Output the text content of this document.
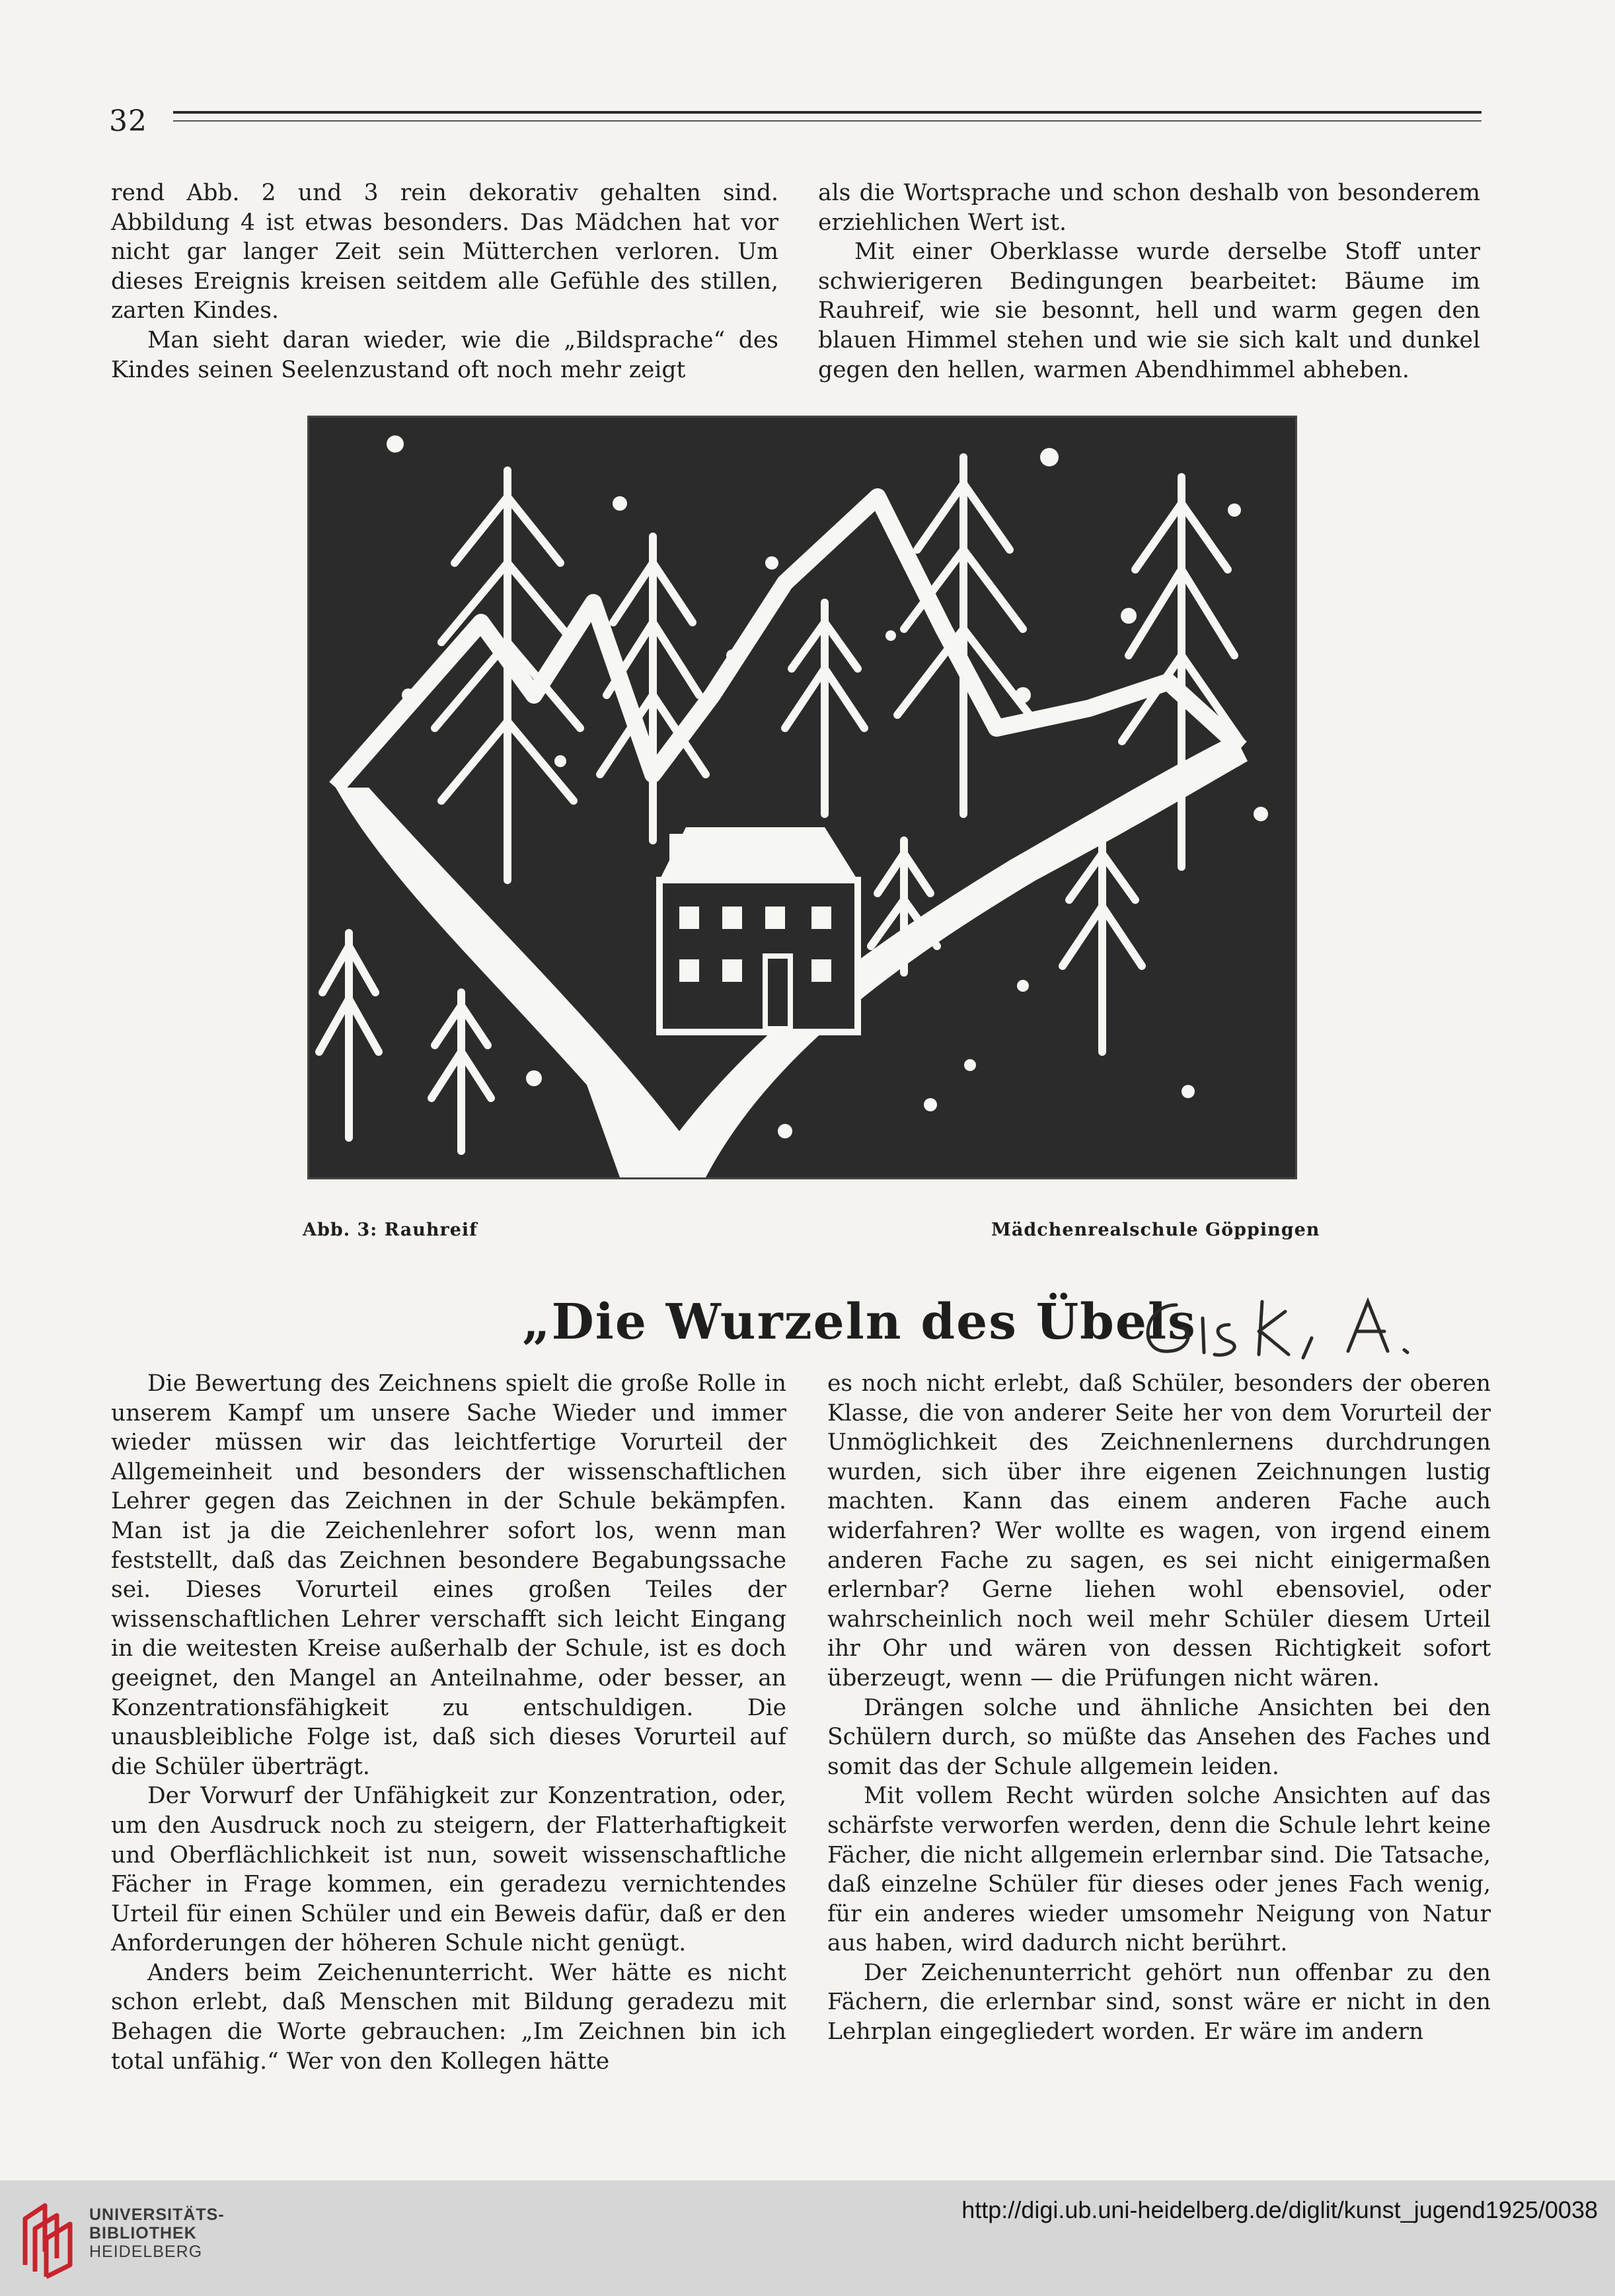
32

rend Abb. 2 und 3 rein dekorativ gehalten sind. Abbildung 4 ist etwas besonders. Das Mädchen hat vor nicht gar langer Zeit sein Mütterchen verloren. Um dieses Ereignis kreisen seitdem alle Gefühle des stillen, zarten Kindes.

Man sieht daran wieder, wie die „Bildsprache“ des Kindes seinen Seelenzustand oft noch mehr zeigt

als die Wortsprache und schon deshalb von besonderem erziehlichen Wert ist.

Mit einer Oberklasse wurde derselbe Stoff unter schwierigeren Bedingungen bearbeitet: Bäume im Rauhreif, wie sie besonnt, hell und warm gegen den blauen Himmel stehen und wie sie sich kalt und dunkel gegen den hellen, warmen Abendhimmel abheben.

Abb. 3: Rauhreif	Mädchenrealschule Göppingen
„Die Wurzeln des Übels

Die Bewertung des Zeichnens spielt die große Rolle in unserem Kampf um unsere Sache Wieder und immer wieder müssen wir das leichtfertige Vorurteil der Allgemeinheit und besonders der wissenschaftlichen Lehrer gegen das Zeichnen in der Schule bekämpfen. Man ist ja die Zeichenlehrer sofort los, wenn man feststellt, daß das Zeichnen besondere Begabungssache sei. Dieses Vorurteil eines großen Teiles der wissenschaftlichen Lehrer verschafft sich leicht Eingang in die weitesten Kreise außerhalb der Schule, ist es doch geeignet, den Mangel an Anteilnahme, oder besser, an Konzentrationsfähigkeit zu entschuldigen. Die unausbleibliche Folge ist, daß sich dieses Vorurteil auf die Schüler überträgt.

Der Vorwurf der Unfähigkeit zur Konzentration, oder, um den Ausdruck noch zu steigern, der Flatterhaftigkeit und Oberflächlichkeit ist nun, soweit wissenschaftliche Fächer in Frage kommen, ein geradezu vernichtendes Urteil für einen Schüler und ein Beweis dafür, daß er den Anforderungen der höheren Schule nicht genügt.

Anders beim Zeichenunterricht. Wer hätte es nicht schon erlebt, daß Menschen mit Bildung geradezu mit Behagen die Worte gebrauchen: „Im Zeichnen bin ich total unfähig.“ Wer von den Kollegen hätte

es noch nicht erlebt, daß Schüler, besonders der oberen Klasse, die von anderer Seite her von dem Vorurteil der Unmöglichkeit des Zeichnenlernens durchdrungen wurden, sich über ihre eigenen Zeichnungen lustig machten. Kann das einem anderen Fache auch widerfahren? Wer wollte es wagen, von irgend einem anderen Fache zu sagen, es sei nicht einigermaßen erlernbar? Gerne liehen wohl ebensoviel, oder wahrscheinlich noch weil mehr Schüler diesem Urteil ihr Ohr und wären von dessen Richtigkeit sofort überzeugt, wenn — die Prüfungen nicht wären.

Drängen solche und ähnliche Ansichten bei den Schülern durch, so müßte das Ansehen des Faches und somit das der Schule allgemein leiden.

Mit vollem Recht würden solche Ansichten auf das schärfste verworfen werden, denn die Schule lehrt keine Fächer, die nicht allgemein erlernbar sind. Die Tatsache, daß einzelne Schüler für dieses oder jenes Fach wenig, für ein anderes wieder umsomehr Neigung von Natur aus haben, wird dadurch nicht berührt.

Der Zeichenunterricht gehört nun offenbar zu den Fächern, die erlernbar sind, sonst wäre er nicht in den Lehrplan eingegliedert worden. Er wäre im andern

UNIVERSITÄTS-
BIBLIOTHEK
HEIDELBERG
http://digi.ub.uni-heidelberg.de/diglit/kunst_jugend1925/0038
